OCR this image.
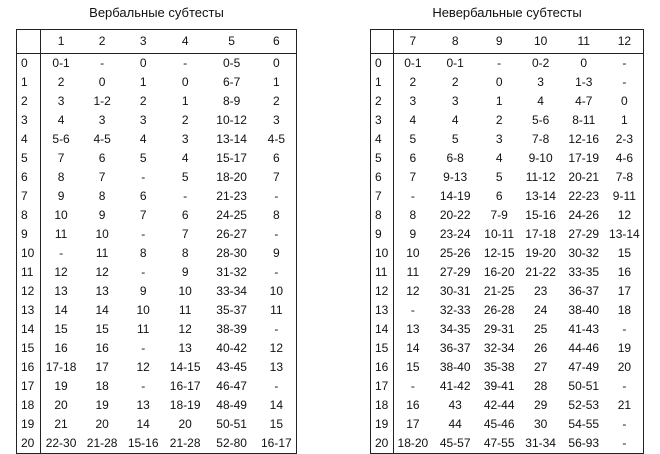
Вербальные субтесты
	1	2	3	4	5	6
0	0-1	-	0	-	0-5	0
1	2	0	1	0	6-7	1
2	3	1-2	2	1	8-9	2
3	4	3	3	2	10-12	3
4	5-6	4-5	4	3	13-14	4-5
5	7	6	5	4	15-17	6
6	8	7	-	5	18-20	7
7	9	8	6	-	21-23	-
8	10	9	7	6	24-25	8
9	11	10	-	7	26-27	-
10	-	11	8	8	28-30	9
11	12	12	-	9	31-32	-
12	13	13	9	10	33-34	10
13	14	14	10	11	35-37	11
14	15	15	11	12	38-39	-
15	16	16	-	13	40-42	12
16	17-18	17	12	14-15	43-45	13
17	19	18	-	16-17	46-47	-
18	20	19	13	18-19	48-49	14
19	21	20	14	20	50-51	15
20	22-30	21-28	15-16	21-28	52-80	16-17
Невербальные субтесты
	7	8	9	10	11	12
0	0-1	0-1	-	0-2	0	-
1	2	2	0	3	1-3	-
2	3	3	1	4	4-7	0
3	4	4	2	5-6	8-11	1
4	5	5	3	7-8	12-16	2-3
5	6	6-8	4	9-10	17-19	4-6
6	7	9-13	5	11-12	20-21	7-8
7	-	14-19	6	13-14	22-23	9-11
8	8	20-22	7-9	15-16	24-26	12
9	9	23-24	10-11	17-18	27-29	13-14
10	10	25-26	12-15	19-20	30-32	15
11	11	27-29	16-20	21-22	33-35	16
12	12	30-31	21-25	23	36-37	17
13	-	32-33	26-28	24	38-40	18
14	13	34-35	29-31	25	41-43	-
15	14	36-37	32-34	26	44-46	19
16	15	38-40	35-38	27	47-49	20
17	-	41-42	39-41	28	50-51	-
18	16	43	42-44	29	52-53	21
19	17	44	45-46	30	54-55	-
20	18-20	45-57	47-55	31-34	56-93	-
